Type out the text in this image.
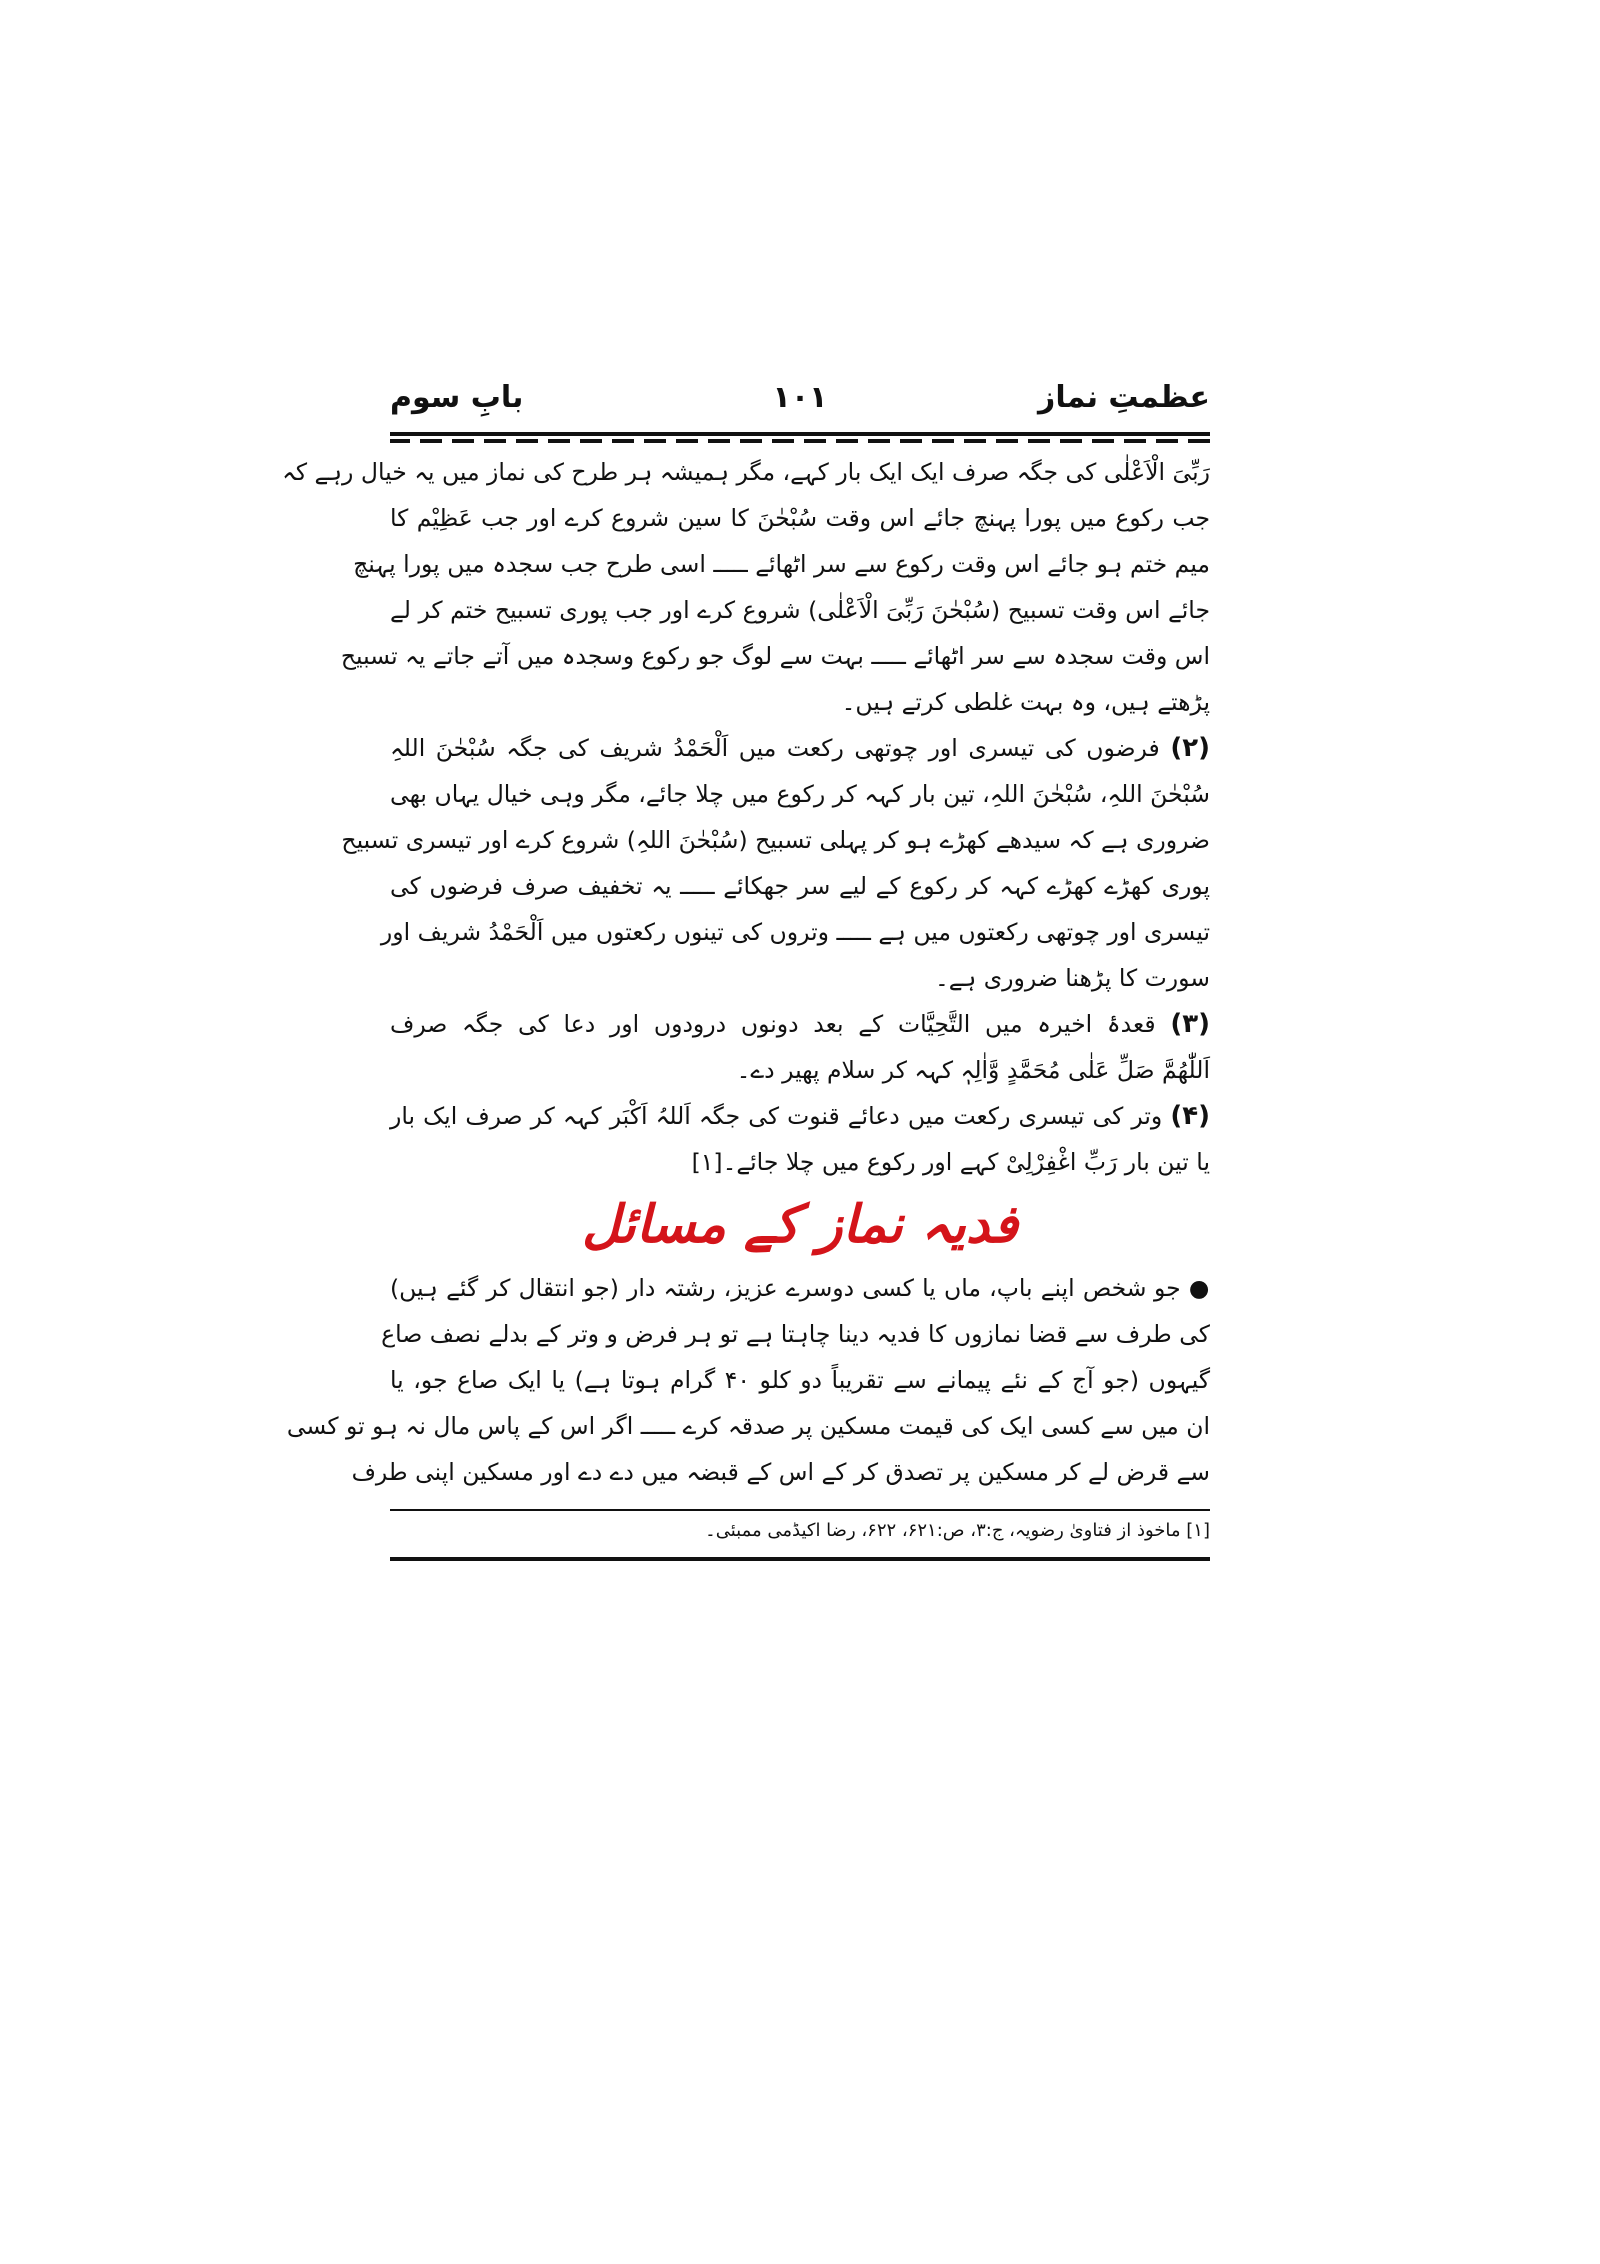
عظمتِ نماز
۱۰۱
بابِ سوم
رَبِّیَ الْاَعْلٰی کی جگہ صرف ایک ایک بار کہے، مگر ہمیشہ ہر طرح کی نماز میں یہ خیال رہے کہ
جب رکوع میں پورا پہنچ جائے اس وقت سُبْحٰنَ کا سین شروع کرے اور جب عَظِیْم کا
میم ختم ہو جائے اس وقت رکوع سے سر اٹھائے ـــــ اسی طرح جب سجدہ میں پورا پہنچ
جائے اس وقت تسبیح (سُبْحٰنَ رَبِّیَ الْاَعْلٰی) شروع کرے اور جب پوری تسبیح ختم کر لے
اس وقت سجدہ سے سر اٹھائے ـــــ بہت سے لوگ جو رکوع وسجدہ میں آتے جاتے یہ تسبیح
پڑھتے ہیں، وہ بہت غلطی کرتے ہیں۔
(۲) فرضوں کی تیسری اور چوتھی رکعت میں اَلْحَمْدُ شریف کی جگہ سُبْحٰنَ اللہِ
سُبْحٰنَ اللہِ، سُبْحٰنَ اللہِ، تین بار کہہ کر رکوع میں چلا جائے، مگر وہی خیال یہاں بھی
ضروری ہے کہ سیدھے کھڑے ہو کر پہلی تسبیح (سُبْحٰنَ اللہِ) شروع کرے اور تیسری تسبیح
پوری کھڑے کھڑے کہہ کر رکوع کے لیے سر جھکائے ـــــ یہ تخفیف صرف فرضوں کی
تیسری اور چوتھی رکعتوں میں ہے ـــــ وتروں کی تینوں رکعتوں میں اَلْحَمْدُ شریف اور
سورت کا پڑھنا ضروری ہے۔
(۳) قعدۂ اخیرہ میں التَّحِیَّات کے بعد دونوں درودوں اور دعا کی جگہ صرف
اَللّٰھُمَّ صَلِّ عَلٰی مُحَمَّدٍ وَّاٰلِہٖ کہہ کر سلام پھیر دے۔
(۴) وتر کی تیسری رکعت میں دعائے قنوت کی جگہ اَللہُ اَکْبَر کہہ کر صرف ایک بار
یا تین بار رَبِّ اغْفِرْلِیْ کہے اور رکوع میں چلا جائے۔[۱]
فدیہ نماز کے مسائل
● جو شخص اپنے باپ، ماں یا کسی دوسرے عزیز، رشتہ دار (جو انتقال کر گئے ہیں)
کی طرف سے قضا نمازوں کا فدیہ دینا چاہتا ہے تو ہر فرض و وتر کے بدلے نصف صاع
گیہوں (جو آج کے نئے پیمانے سے تقریباً دو کلو ۴۰ گرام ہوتا ہے) یا ایک صاع جو، یا
ان میں سے کسی ایک کی قیمت مسکین پر صدقہ کرے ـــــ اگر اس کے پاس مال نہ ہو تو کسی
سے قرض لے کر مسکین پر تصدق کر کے اس کے قبضہ میں دے دے اور مسکین اپنی طرف
[۱] ماخوذ از فتاویٰ رضویہ، ج:۳، ص:۶۲۱، ۶۲۲، رضا اکیڈمی ممبئی۔
